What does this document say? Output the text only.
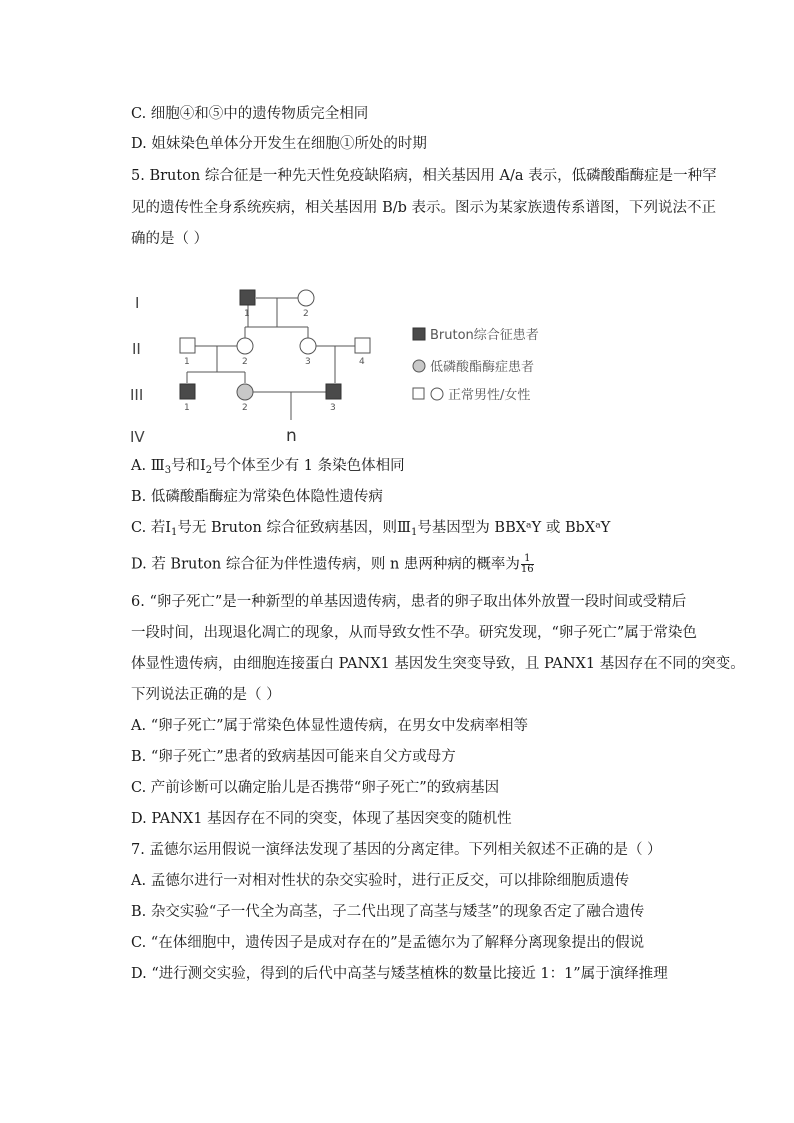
C. 细胞④和⑤中的遗传物质完全相同
D. 姐妹染色单体分开发生在细胞①所处的时期
5. Bruton 综合征是一种先天性免疫缺陷病，相关基因用 A/a 表示，低磷酸酯酶症是一种罕
见的遗传性全身系统疾病，相关基因用 B/b 表示。图示为某家族遗传系谱图，下列说法不正
确的是（ ）
I
II
III
IV
1	2
1	2	3	4
1	2	3
n
Bruton综合征患者
低磷酸酯酶症患者
正常男性/女性
A. $Ⅲ_3$号和$Ⅰ_2$号个体至少有 1 条染色体相同
B. 低磷酸酯酶症为常染色体隐性遗传病
C. 若$Ⅰ_1$号无 Bruton 综合征致病基因，则$Ⅲ_1$号基因型为 BBXᵃY 或 BbXᵃY
D. 若 Bruton 综合征为伴性遗传病，则 n 患两种病的概率为 $\frac{1}{16}$
6. “卵子死亡”是一种新型的单基因遗传病，患者的卵子取出体外放置一段时间或受精后
一段时间，出现退化凋亡的现象，从而导致女性不孕。研究发现，“卵子死亡”属于常染色
体显性遗传病，由细胞连接蛋白 PANX1 基因发生突变导致，且 PANX1 基因存在不同的突变。
下列说法正确的是（ ）
A. “卵子死亡”属于常染色体显性遗传病，在男女中发病率相等
B. “卵子死亡”患者的致病基因可能来自父方或母方
C. 产前诊断可以确定胎儿是否携带“卵子死亡”的致病基因
D. PANX1 基因存在不同的突变，体现了基因突变的随机性
7. 孟德尔运用假说一演绎法发现了基因的分离定律。下列相关叙述不正确的是（ ）
A. 孟德尔进行一对相对性状的杂交实验时，进行正反交，可以排除细胞质遗传
B. 杂交实验“子一代全为高茎，子二代出现了高茎与矮茎”的现象否定了融合遗传
C. “在体细胞中，遗传因子是成对存在的”是孟德尔为了解释分离现象提出的假说
D. “进行测交实验，得到的后代中高茎与矮茎植株的数量比接近 1：1”属于演绎推理
